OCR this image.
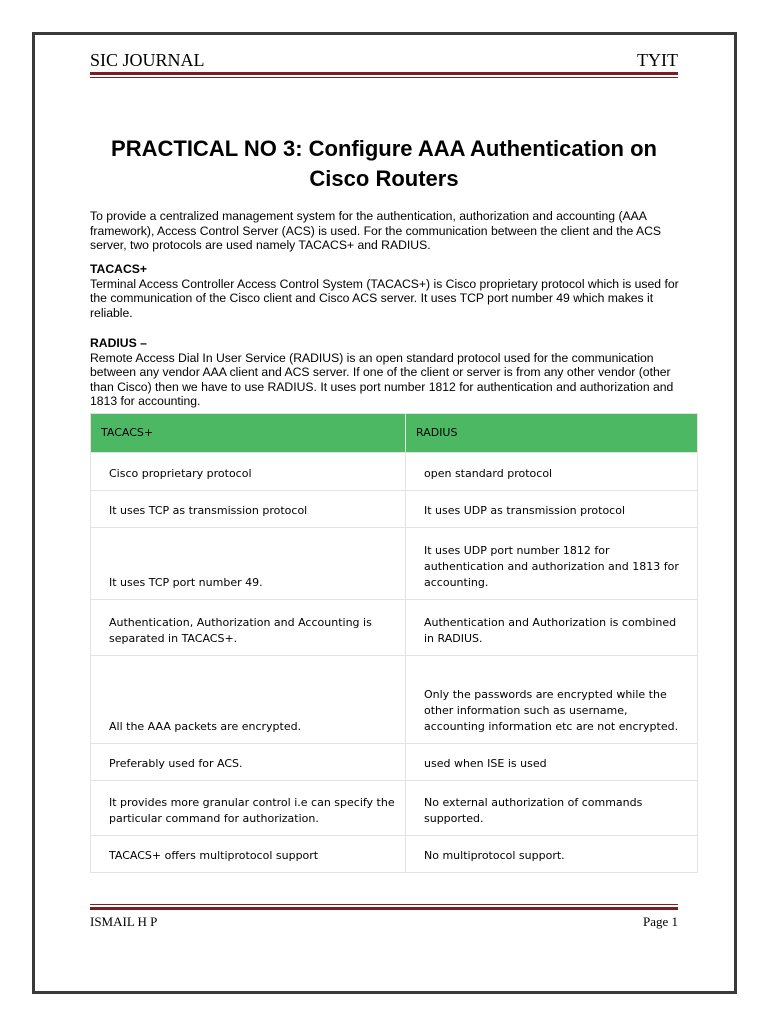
SIC JOURNAL	TYIT
PRACTICAL NO 3: Configure AAA Authentication on
Cisco Routers
To provide a centralized management system for the authentication, authorization and accounting (AAA framework), Access Control Server (ACS) is used. For the communication between the client and the ACS server, two protocols are used namely TACACS+ and RADIUS.
TACACS+
Terminal Access Controller Access Control System (TACACS+) is Cisco proprietary protocol which is used for the communication of the Cisco client and Cisco ACS server. It uses TCP port number 49 which makes it reliable.
RADIUS –
Remote Access Dial In User Service (RADIUS) is an open standard protocol used for the communication between any vendor AAA client and ACS server. If one of the client or server is from any other vendor (other than Cisco) then we have to use RADIUS. It uses port number 1812 for authentication and authorization and 1813 for accounting.
TACACS+	RADIUS
Cisco proprietary protocol	open standard protocol
It uses TCP as transmission protocol	It uses UDP as transmission protocol
It uses TCP port number 49.	It uses UDP port number 1812 for authentication and authorization and 1813 for accounting.
Authentication, Authorization and Accounting is separated in TACACS+.	Authentication and Authorization is combined in RADIUS.
All the AAA packets are encrypted.	Only the passwords are encrypted while the other information such as username, accounting information etc are not encrypted.
Preferably used for ACS.	used when ISE is used
It provides more granular control i.e can specify the particular command for authorization.	No external authorization of commands supported.
TACACS+ offers multiprotocol support	No multiprotocol support.
ISMAIL H P	Page 1
